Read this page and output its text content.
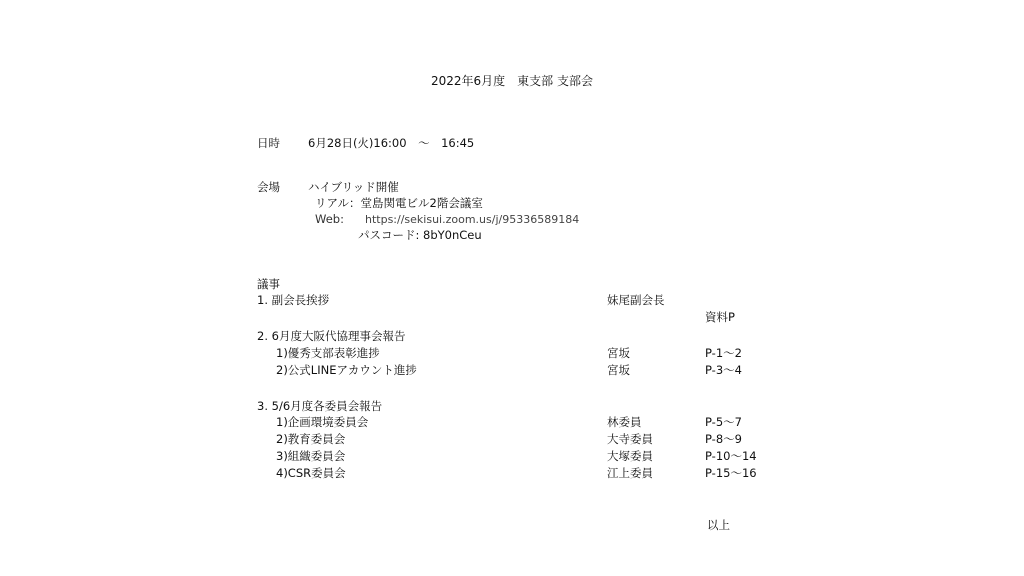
2022年6月度　東支部 支部会
日時 6月28日(火)16:00　～　16:45
会場 ハイブリッド開催
リアル：堂島関電ビル2階会議室
Web: https://sekisui.zoom.us/j/95336589184
パスコード: 8bY0nCeu
議事
1. 副会長挨拶	妹尾副会長
資料P
2. 6月度大阪代協理事会報告
1)優秀支部表彰進捗	宮坂	P-1～2
2)公式LINEアカウント進捗	宮坂	P-3～4
3. 5/6月度各委員会報告
1)企画環境委員会	林委員	P-5～7
2)教育委員会	大寺委員	P-8～9
3)組織委員会	大塚委員	P-10～14
4)CSR委員会	江上委員	P-15～16
以上
